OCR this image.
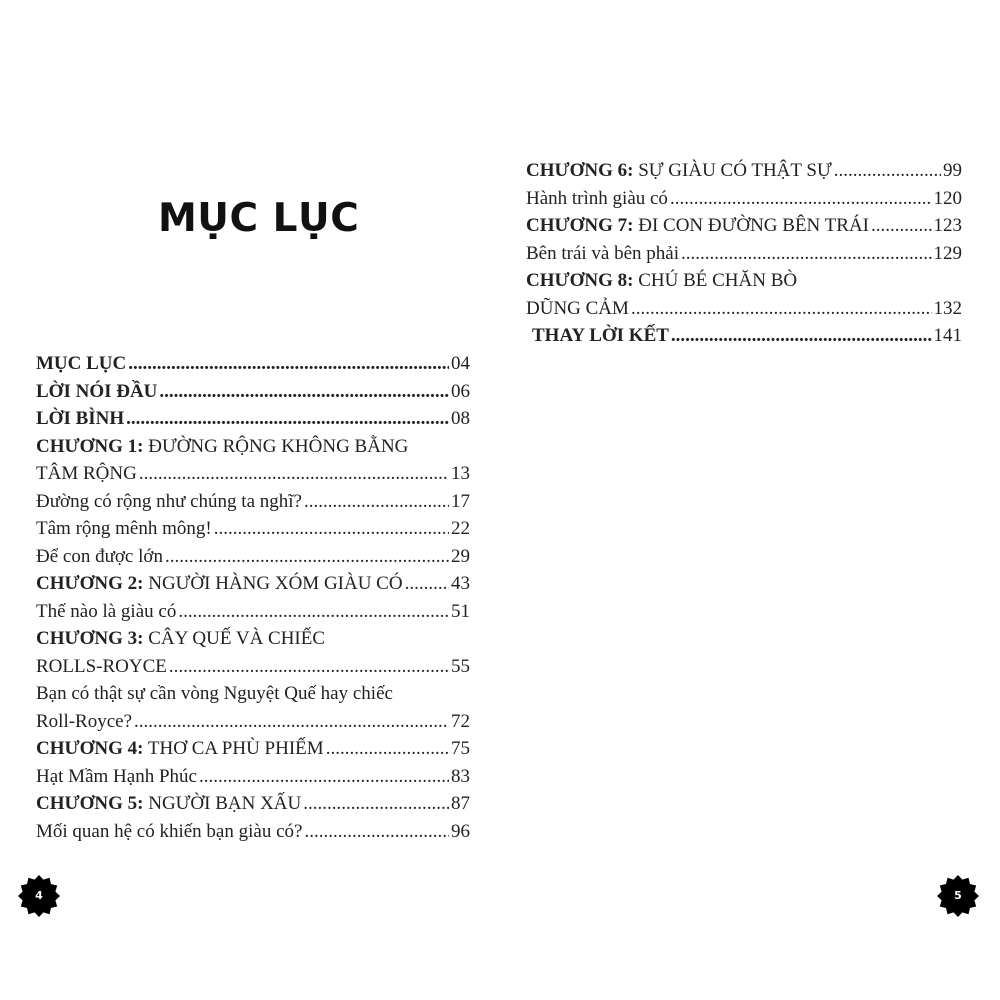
MỤC LỤC
MỤC LỤC .....	04
LỜI NÓI ĐẦU .....	06
LỜI BÌNH .....	08
CHƯƠNG 1: ĐƯỜNG RỘNG KHÔNG BẰNG
TÂM RỘNG .....	13
Đường có rộng như chúng ta nghĩ? .....	17
Tâm rộng mênh mông! .....	22
Để con được lớn .....	29
CHƯƠNG 2: NGƯỜI HÀNG XÓM GIÀU CÓ .....	43
Thế nào là giàu có .....	51
CHƯƠNG 3: CÂY QUẾ VÀ CHIẾC
ROLLS-ROYCE .....	55
Bạn có thật sự cần vòng Nguyệt Quế hay chiếc
Roll-Royce? .....	72
CHƯƠNG 4: THƠ CA PHÙ PHIẾM .....	75
Hạt Mầm Hạnh Phúc .....	83
CHƯƠNG 5: NGƯỜI BẠN XẤU .....	87
Mối quan hệ có khiến bạn giàu có? .....	96
4
CHƯƠNG 6: SỰ GIÀU CÓ THẬT SỰ .....	99
Hành trình giàu có .....	120
CHƯƠNG 7: ĐI CON ĐƯỜNG BÊN TRÁI .....	123
Bên trái và bên phải .....	129
CHƯƠNG 8: CHÚ BÉ CHĂN BÒ
DŨNG CẢM .....	132
THAY LỜI KẾT .....	141
5
